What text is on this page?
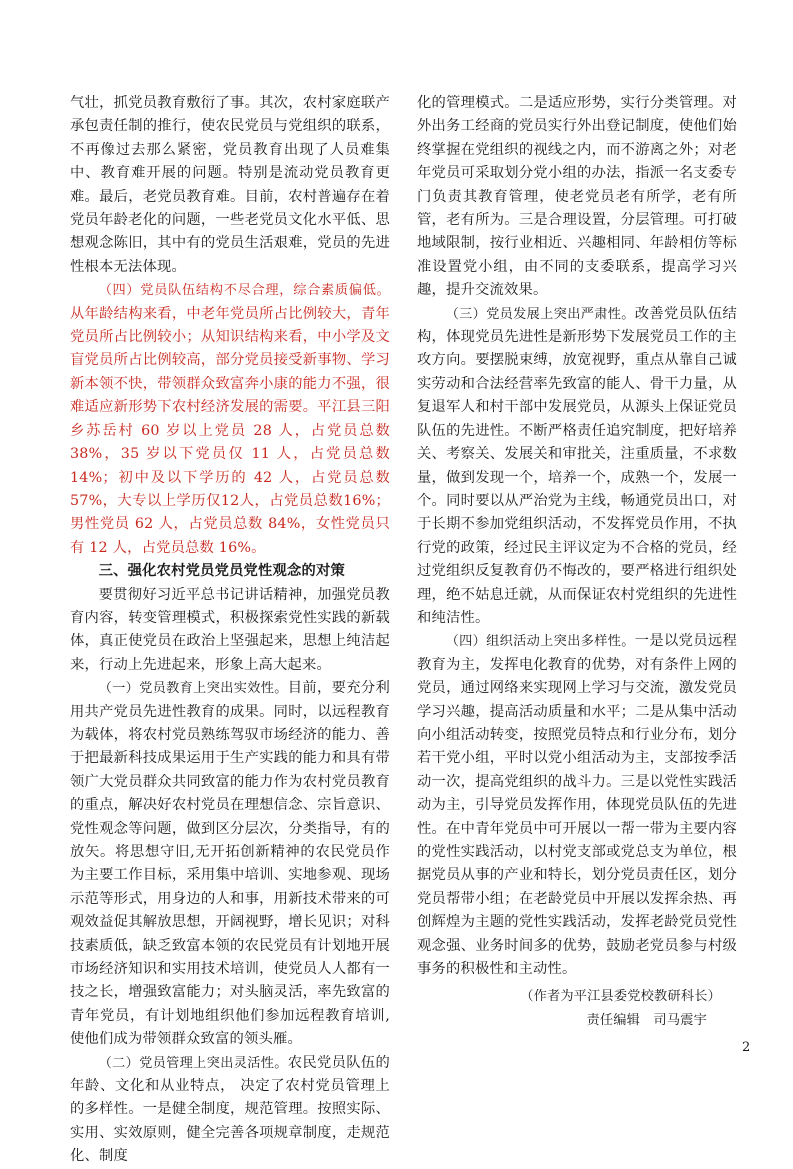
气壮，抓党员教育敷衍了事。其次，农村家庭联产承包责任制的推行，使农民党员与党组织的联系，不再像过去那么紧密，党员教育出现了人员难集中、教育难开展的问题。特别是流动党员教育更难。最后，老党员教育难。目前，农村普遍存在着党员年龄老化的问题，一些老党员文化水平低、思想观念陈旧，其中有的党员生活艰难，党员的先进性根本无法体现。

（四）党员队伍结构不尽合理，综合素质偏低。从年龄结构来看，中老年党员所占比例较大，青年党员所占比例较小；从知识结构来看，中小学及文盲党员所占比例较高，部分党员接受新事物、学习新本领不快，带领群众致富奔小康的能力不强，很难适应新形势下农村经济发展的需要。平江县三阳乡苏岳村 60 岁以上党员 28 人，占党员总数 38%，35 岁以下党员仅 11 人，占党员总数 14%；初中及以下学历的 42 人，占党员总数57%，大专以上学历仅12人，占党员总数16%；男性党员 62 人，占党员总数 84%，女性党员只有 12 人，占党员总数 16%。

三、强化农村党员党员党性观念的对策

要贯彻好习近平总书记讲话精神，加强党员教育内容，转变管理模式，积极探索党性实践的新载体，真正使党员在政治上坚强起来，思想上纯洁起来，行动上先进起来，形象上高大起来。

（一）党员教育上突出实效性。目前，要充分利用共产党员先进性教育的成果。同时，以远程教育为载体，将农村党员熟练驾驭市场经济的能力、善于把最新科技成果运用于生产实践的能力和具有带领广大党员群众共同致富的能力作为农村党员教育的重点，解决好农村党员在理想信念、宗旨意识、党性观念等问题，做到区分层次，分类指导，有的放矢。将思想守旧,无开拓创新精神的农民党员作为主要工作目标，采用集中培训、实地参观、现场示范等形式，用身边的人和事，用新技术带来的可观效益促其解放思想，开阔视野，增长见识；对科技素质低，缺乏致富本领的农民党员有计划地开展市场经济知识和实用技术培训，使党员人人都有一技之长，增强致富能力；对头脑灵活，率先致富的青年党员，有计划地组织他们参加远程教育培训,使他们成为带领群众致富的领头雁。

（二）党员管理上突出灵活性。农民党员队伍的年龄、文化和从业特点， 决定了农村党员管理上的多样性。一是健全制度，规范管理。按照实际、实用、实效原则，健全完善各项规章制度，走规范化、制度

化的管理模式。二是适应形势，实行分类管理。对外出务工经商的党员实行外出登记制度，使他们始终掌握在党组织的视线之内，而不游离之外；对老年党员可采取划分党小组的办法，指派一名支委专门负责其教育管理，使老党员老有所学，老有所管，老有所为。三是合理设置，分层管理。可打破地域限制，按行业相近、兴趣相同、年龄相仿等标准设置党小组，由不同的支委联系，提高学习兴趣，提升交流效果。

（三）党员发展上突出严肃性。改善党员队伍结构，体现党员先进性是新形势下发展党员工作的主攻方向。要摆脱束缚，放宽视野，重点从靠自己诚实劳动和合法经营率先致富的能人、骨干力量，从复退军人和村干部中发展党员，从源头上保证党员队伍的先进性。不断严格责任追究制度，把好培养关、考察关、发展关和审批关，注重质量，不求数量，做到发现一个，培养一个，成熟一个，发展一个。同时要以从严治党为主线，畅通党员出口，对于长期不参加党组织活动，不发挥党员作用，不执行党的政策，经过民主评议定为不合格的党员，经过党组织反复教育仍不悔改的，要严格进行组织处理，绝不姑息迁就，从而保证农村党组织的先进性和纯洁性。

（四）组织活动上突出多样性。一是以党员远程教育为主，发挥电化教育的优势，对有条件上网的党员，通过网络来实现网上学习与交流，激发党员学习兴趣，提高活动质量和水平；二是从集中活动向小组活动转变，按照党员特点和行业分布，划分若干党小组，平时以党小组活动为主，支部按季活动一次，提高党组织的战斗力。三是以党性实践活动为主，引导党员发挥作用，体现党员队伍的先进性。在中青年党员中可开展以一帮一带为主要内容的党性实践活动，以村党支部或党总支为单位，根据党员从事的产业和特长，划分党员责任区，划分党员帮带小组；在老龄党员中开展以发挥余热、再创辉煌为主题的党性实践活动，发挥老龄党员党性观念强、业务时间多的优势，鼓励老党员参与村级事务的积极性和主动性。

（作者为平江县委党校教研科长）

责任编辑　司马震宇

2
